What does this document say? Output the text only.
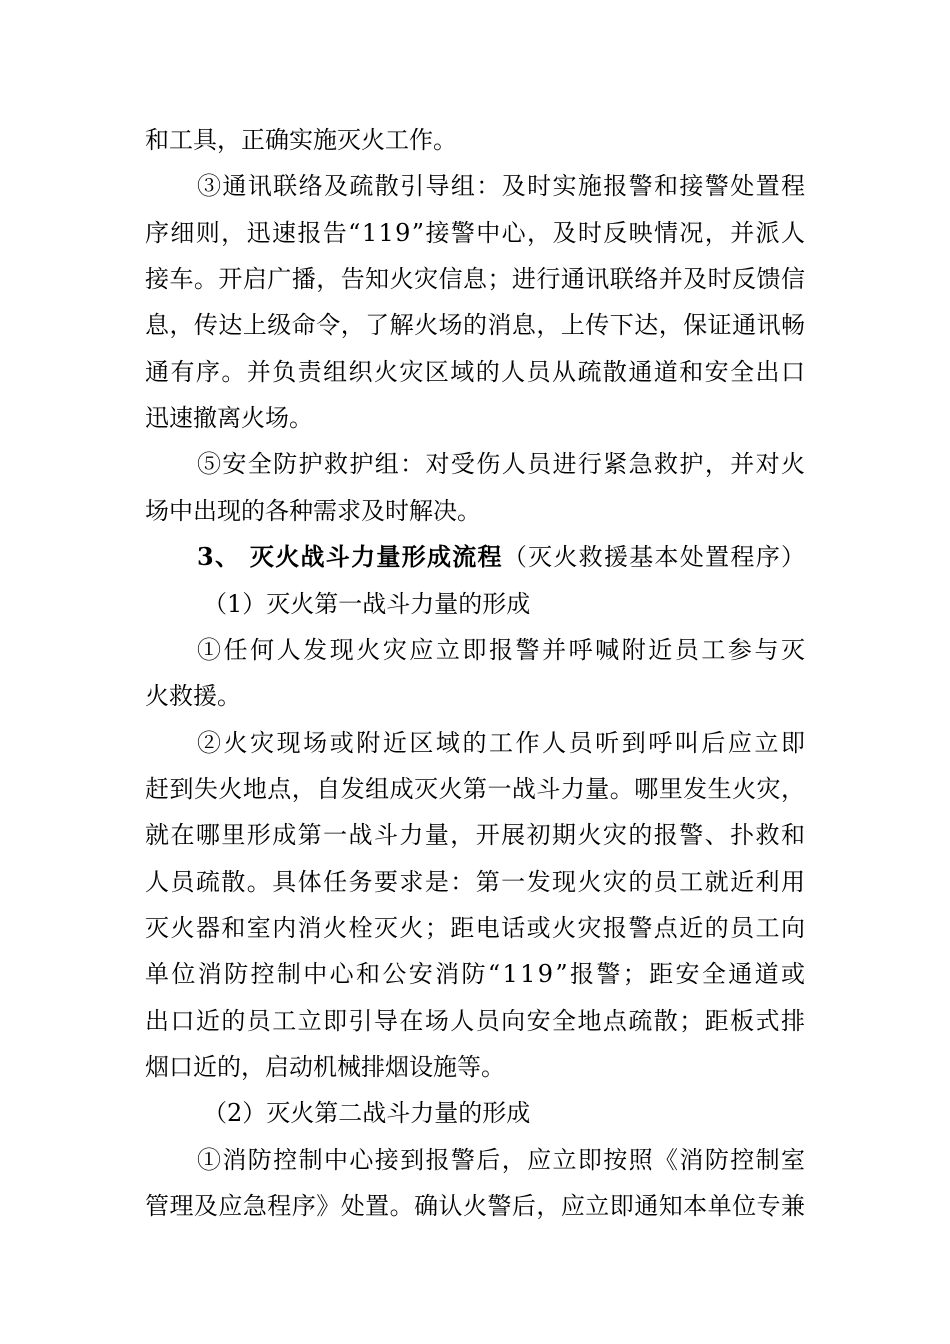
和工具，正确实施灭火工作。
③通讯联络及疏散引导组：及时实施报警和接警处置程
序细则，迅速报告“119”接警中心，及时反映情况，并派人
接车。开启广播，告知火灾信息；进行通讯联络并及时反馈信
息，传达上级命令，了解火场的消息，上传下达，保证通讯畅
通有序。并负责组织火灾区域的人员从疏散通道和安全出口
迅速撤离火场。
⑤安全防护救护组：对受伤人员进行紧急救护，并对火
场中出现的各种需求及时解决。
3、 灭火战斗力量形成流程（灭火救援基本处置程序）
（1）灭火第一战斗力量的形成
①任何人发现火灾应立即报警并呼喊附近员工参与灭
火救援。
②火灾现场或附近区域的工作人员听到呼叫后应立即
赶到失火地点，自发组成灭火第一战斗力量。哪里发生火灾，
就在哪里形成第一战斗力量，开展初期火灾的报警、扑救和
人员疏散。具体任务要求是：第一发现火灾的员工就近利用
灭火器和室内消火栓灭火；距电话或火灾报警点近的员工向
单位消防控制中心和公安消防“119”报警；距安全通道或
出口近的员工立即引导在场人员向安全地点疏散；距板式排
烟口近的，启动机械排烟设施等。
（2）灭火第二战斗力量的形成
①消防控制中心接到报警后，应立即按照《消防控制室
管理及应急程序》处置。确认火警后，应立即通知本单位专兼
